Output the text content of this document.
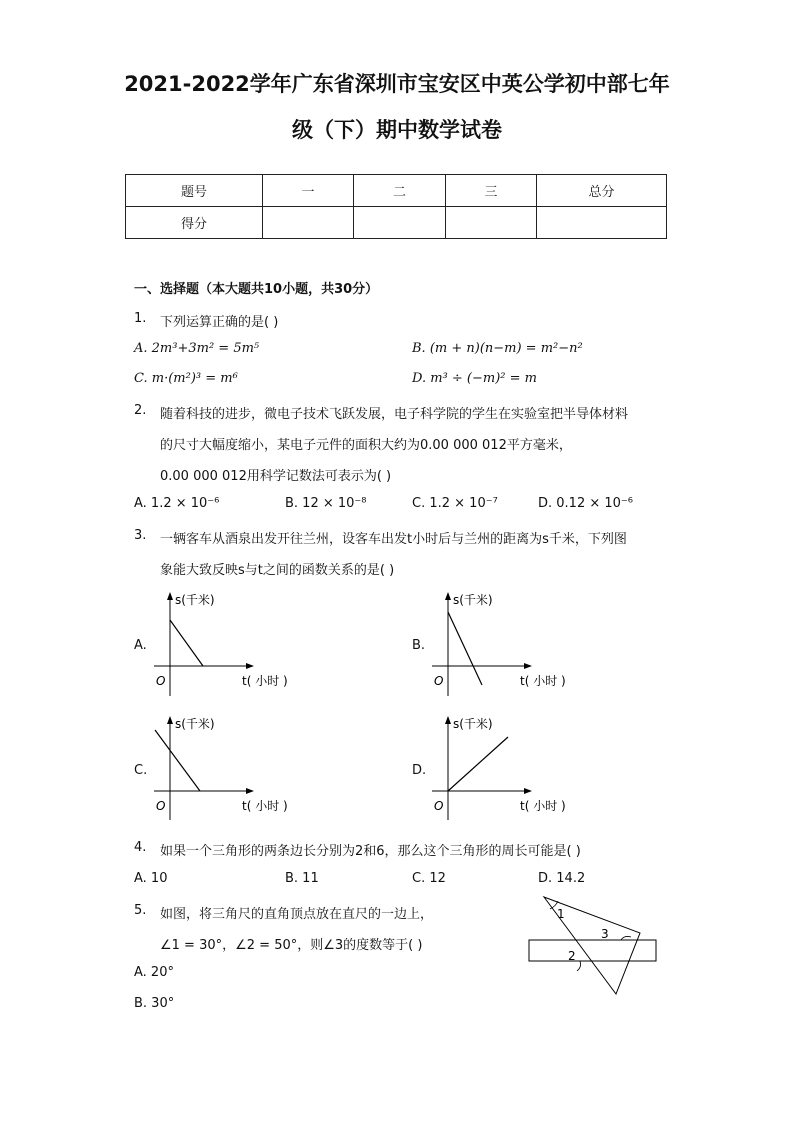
2021-2022学年广东省深圳市宝安区中英公学初中部七年
级（下）期中数学试卷
题号	一	二	三	总分
得分				
一、选择题（本大题共10小题，共30分）
1. 下列运算正确的是( )
A. 2m³+3m² = 5m⁵	B. (m + n)(n−m) = m²−n²
C. m·(m²)³ = m⁶	D. m³ ÷ (−m)² = m
2. 随着科技的进步，微电子技术飞跃发展，电子科学院的学生在实验室把半导体材料
的尺寸大幅度缩小，某电子元件的面积大约为0.00 000 012平方毫米，
0.00 000 012用科学记数法可表示为( )
A. 1.2 × 10⁻⁶	B. 12 × 10⁻⁸	C. 1.2 × 10⁻⁷	D. 0.12 × 10⁻⁶
3. 一辆客车从酒泉出发开往兰州，设客车出发t小时后与兰州的距离为s千米，下列图
象能大致反映s与t之间的函数关系的是( )
A.	B.
C.	D.
s(千米)
t( 小时 )
O
s(千米)
t( 小时 )
O
s(千米)
t( 小时 )
O
s(千米)
t( 小时 )
O
4. 如果一个三角形的两条边长分别为2和6，那么这个三角形的周长可能是( )
A. 10	B. 11	C. 12	D. 14.2
5. 如图，将三角尺的直角顶点放在直尺的一边上，
∠1 = 30°，∠2 = 50°，则∠3的度数等于( )
A. 20°
B. 30°
1
2
3
